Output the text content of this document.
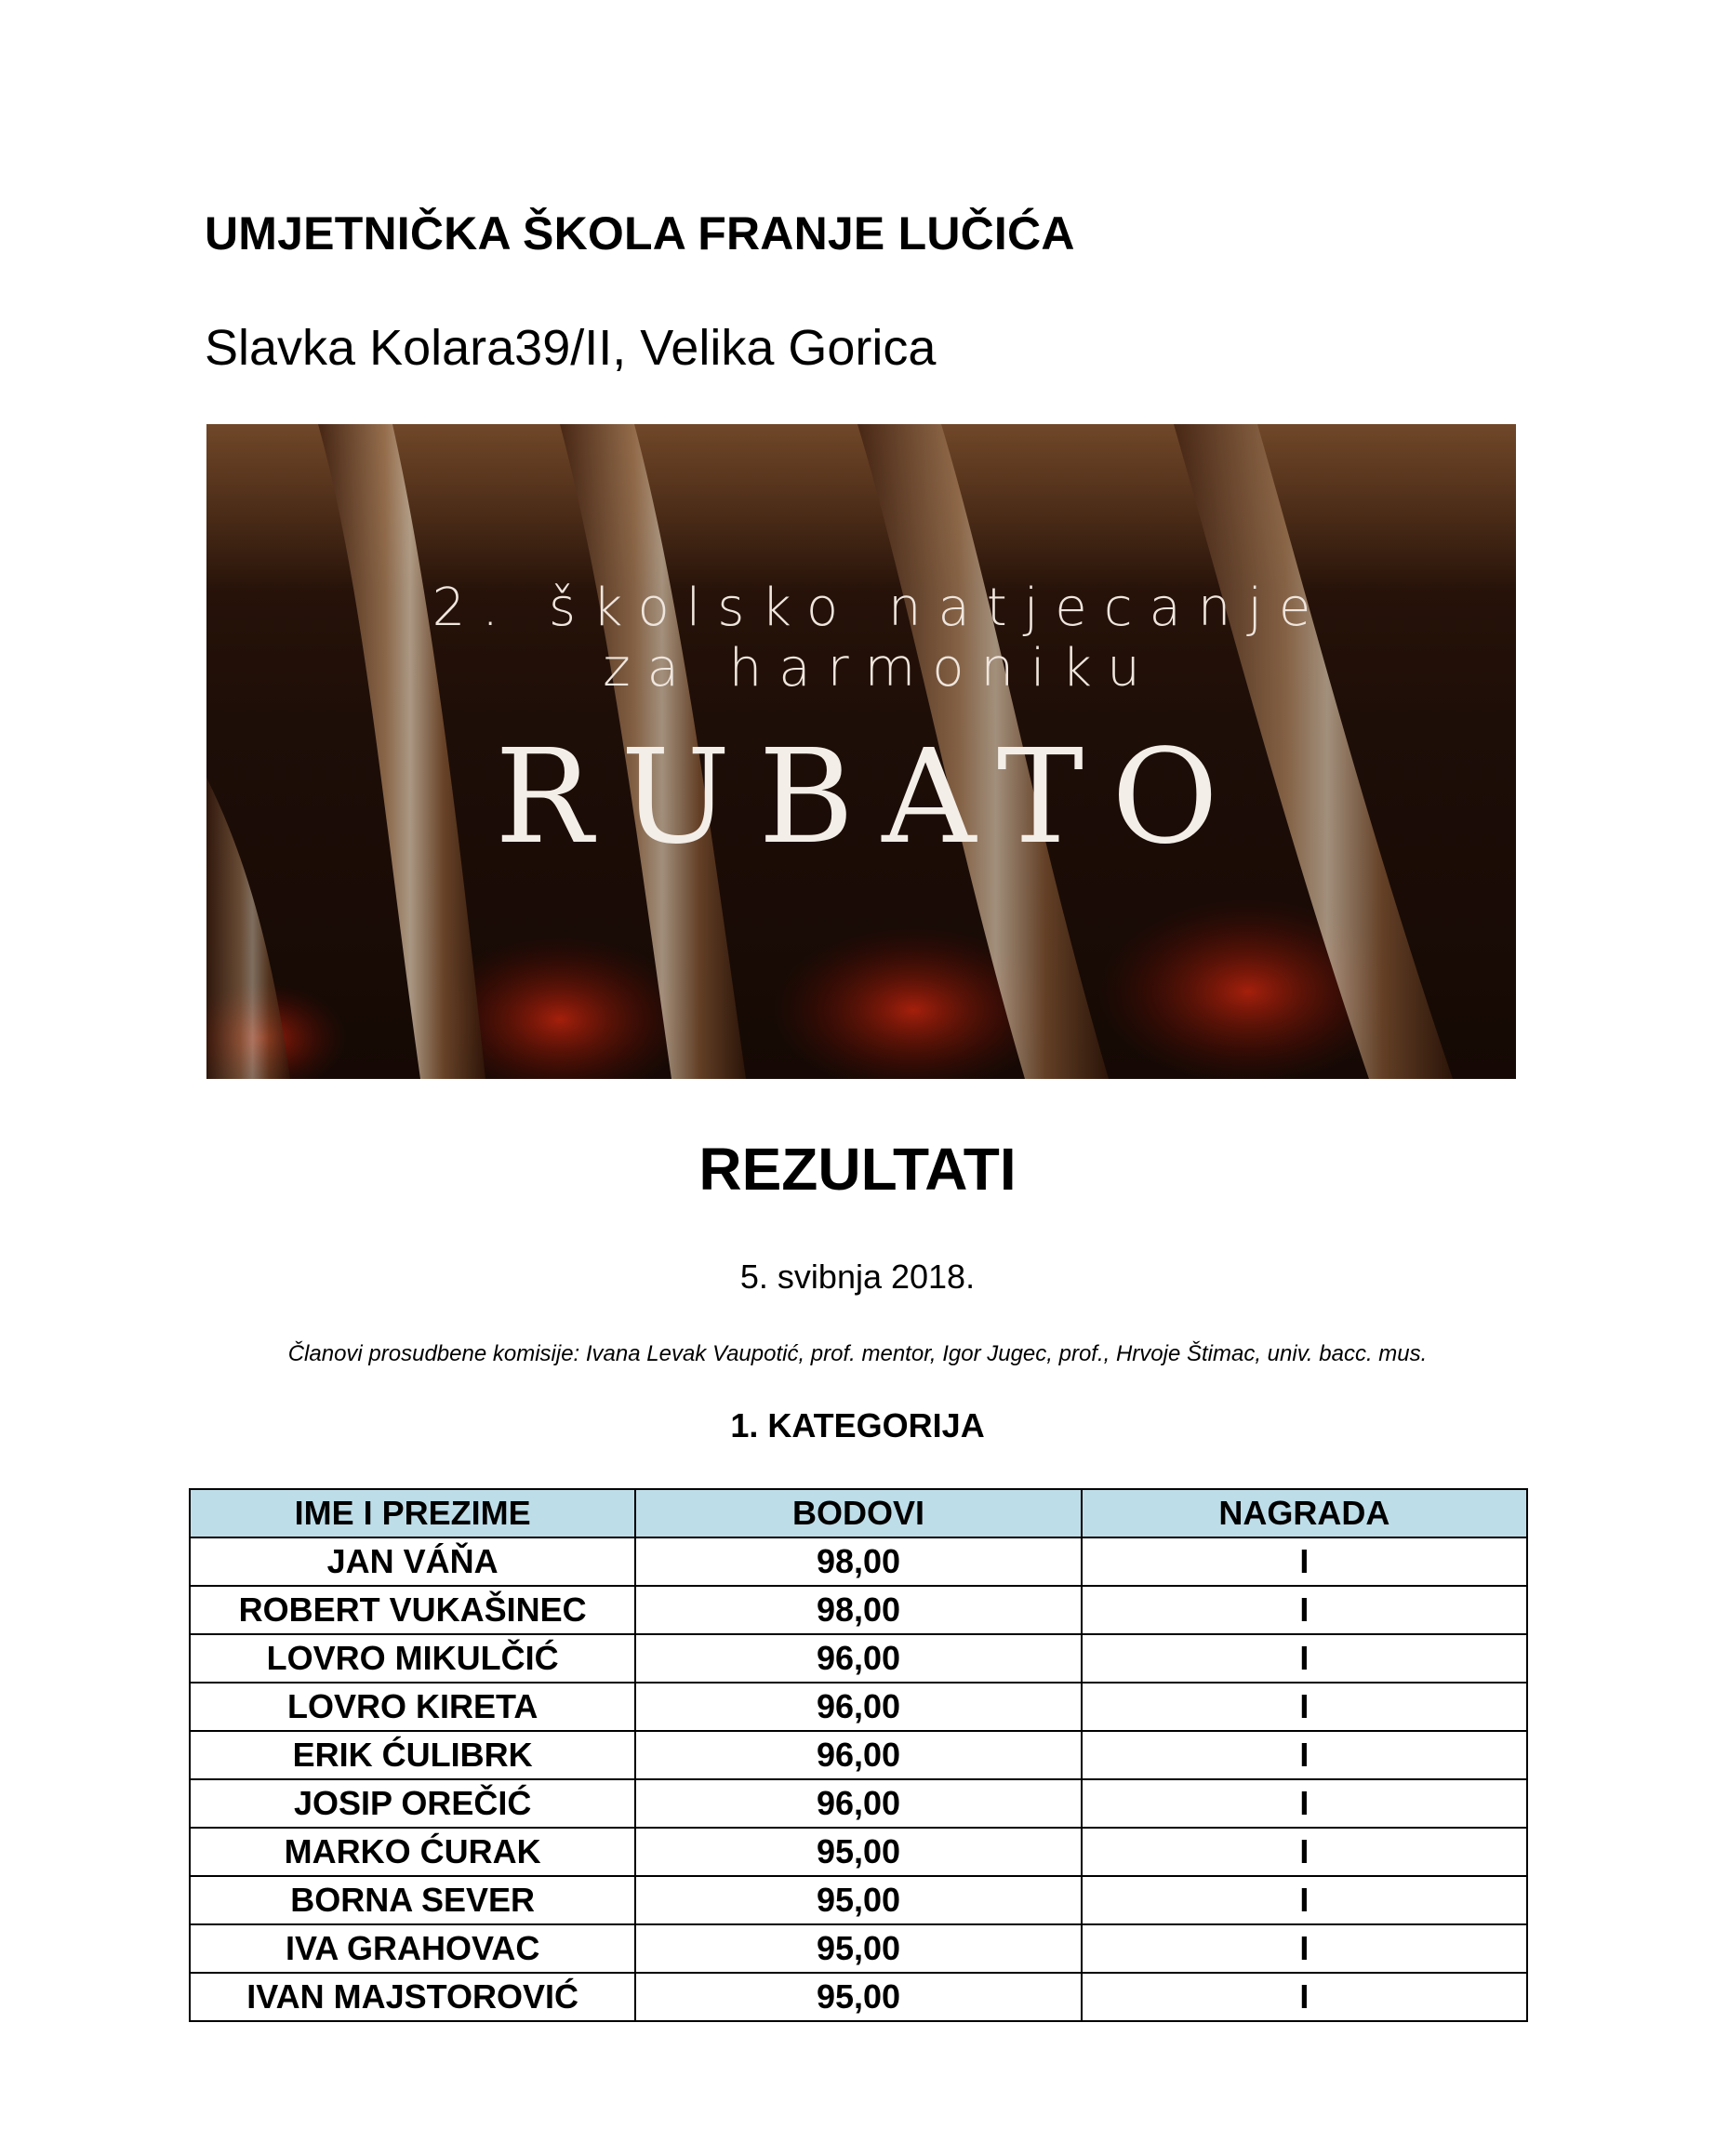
UMJETNIČKA ŠKOLA FRANJE LUČIĆA
Slavka Kolara39/II, Velika Gorica
2. školsko natjecanje
za harmoniku
RUBATO
REZULTATI
5. svibnja 2018.
Članovi prosudbene komisije: Ivana Levak Vaupotić, prof. mentor, Igor Jugec, prof., Hrvoje Štimac, univ. bacc. mus.
1. KATEGORIJA
IME I PREZIME	BODOVI	NAGRADA
JAN VÁŇA	98,00	I
ROBERT VUKAŠINEC	98,00	I
LOVRO MIKULČIĆ	96,00	I
LOVRO KIRETA	96,00	I
ERIK ĆULIBRK	96,00	I
JOSIP OREČIĆ	96,00	I
MARKO ĆURAK	95,00	I
BORNA SEVER	95,00	I
IVA GRAHOVAC	95,00	I
IVAN MAJSTOROVIĆ	95,00	I
